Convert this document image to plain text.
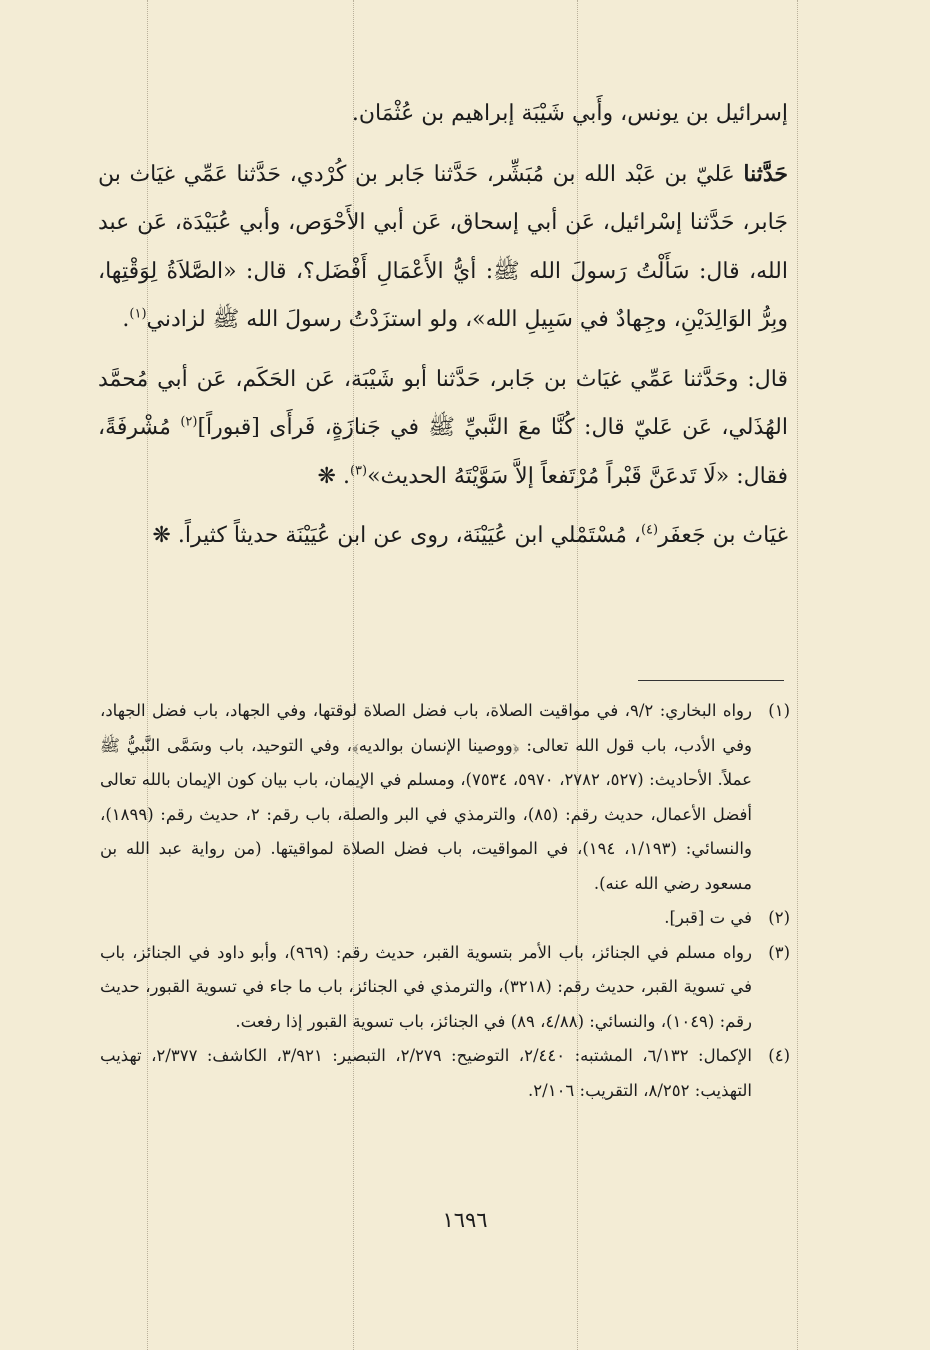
إسرائيل بن يونس، وأَبي شَيْبَة إبراهيم بن عُثْمَان.

حَدَّثنا عَليّ بن عَبْد الله بن مُبَشِّر، حَدَّثنا جَابر بن كُرْدي، حَدَّثنا عَمِّي غيَاث بن جَابر، حَدَّثنا إسْرائيل، عَن أبي إسحاق، عَن أبي الأَحْوَص، وأبي عُبَيْدَة، عَن عبد الله، قال: سَأَلْتُ رَسولَ الله ﷺ: أيُّ الأَعْمَالِ أَفْضَل؟، قال: «الصَّلاَةُ لِوَقْتِها، وبِرُّ الوَالِدَيْنِ، وجِهادٌ في سَبِيلِ الله»، ولو استزَدْتُ رسولَ الله ﷺ لزادني$^{(١)}$.

قال: وحَدَّثنا عَمِّي غيَاث بن جَابر، حَدَّثنا أبو شَيْبَة، عَن الحَكَم، عَن أبي مُحمَّد الهُذَلي، عَن عَليّ قال: كُنَّا معَ النَّبيِّ ﷺ في جَنازَةٍ، فَرأَى [قبوراً]$^{(٢)}$ مُشْرفَةً، فقال: «لَا تَدعَنَّ قَبْراً مُرْتَفعاً إلاَّ سَوَّيْتَهُ الحديث»$^{(٣)}$. ❋

غيَاث بن جَعفَر$^{(٤)}$، مُسْتَمْلي ابن عُيَيْنَة، روى عن ابن عُيَيْنَة حديثاً كثيراً. ❋

(١)
رواه البخاري: ٩/٢، في مواقيت الصلاة، باب فضل الصلاة لوقتها، وفي الجهاد، باب فضل الجهاد، وفي الأدب، باب قول الله تعالى: ﴿ووصينا الإنسان بوالديه﴾، وفي التوحيد، باب وسَمَّى النَّبيُّ ﷺ عملاً. الأحاديث: (٥٢٧، ٢٧٨٢، ٥٩٧٠، ٧٥٣٤)، ومسلم في الإيمان، باب بيان كون الإيمان بالله تعالى أفضل الأعمال، حديث رقم: (٨٥)، والترمذي في البر والصلة، باب رقم: ٢، حديث رقم: (١٨٩٩)، والنسائي: (١/١٩٣، ١٩٤)، في المواقيت، باب فضل الصلاة لمواقيتها. (من رواية عبد الله بن مسعود رضي الله عنه).

(٢)
في ت [قبر].

(٣)
رواه مسلم في الجنائز، باب الأمر بتسوية القبر، حديث رقم: (٩٦٩)، وأبو داود في الجنائز، باب في تسوية القبر، حديث رقم: (٣٢١٨)، والترمذي في الجنائز، باب ما جاء في تسوية القبور، حديث رقم: (١٠٤٩)، والنسائي: (٤/٨٨، ٨٩) في الجنائز، باب تسوية القبور إذا رفعت.

(٤)
الإكمال: ٦/١٣٢، المشتبه: ٢/٤٤٠، التوضيح: ٢/٢٧٩، التبصير: ٣/٩٢١، الكاشف: ٢/٣٧٧، تهذيب التهذيب: ٨/٢٥٢، التقريب: ٢/١٠٦.

١٦٩٦
